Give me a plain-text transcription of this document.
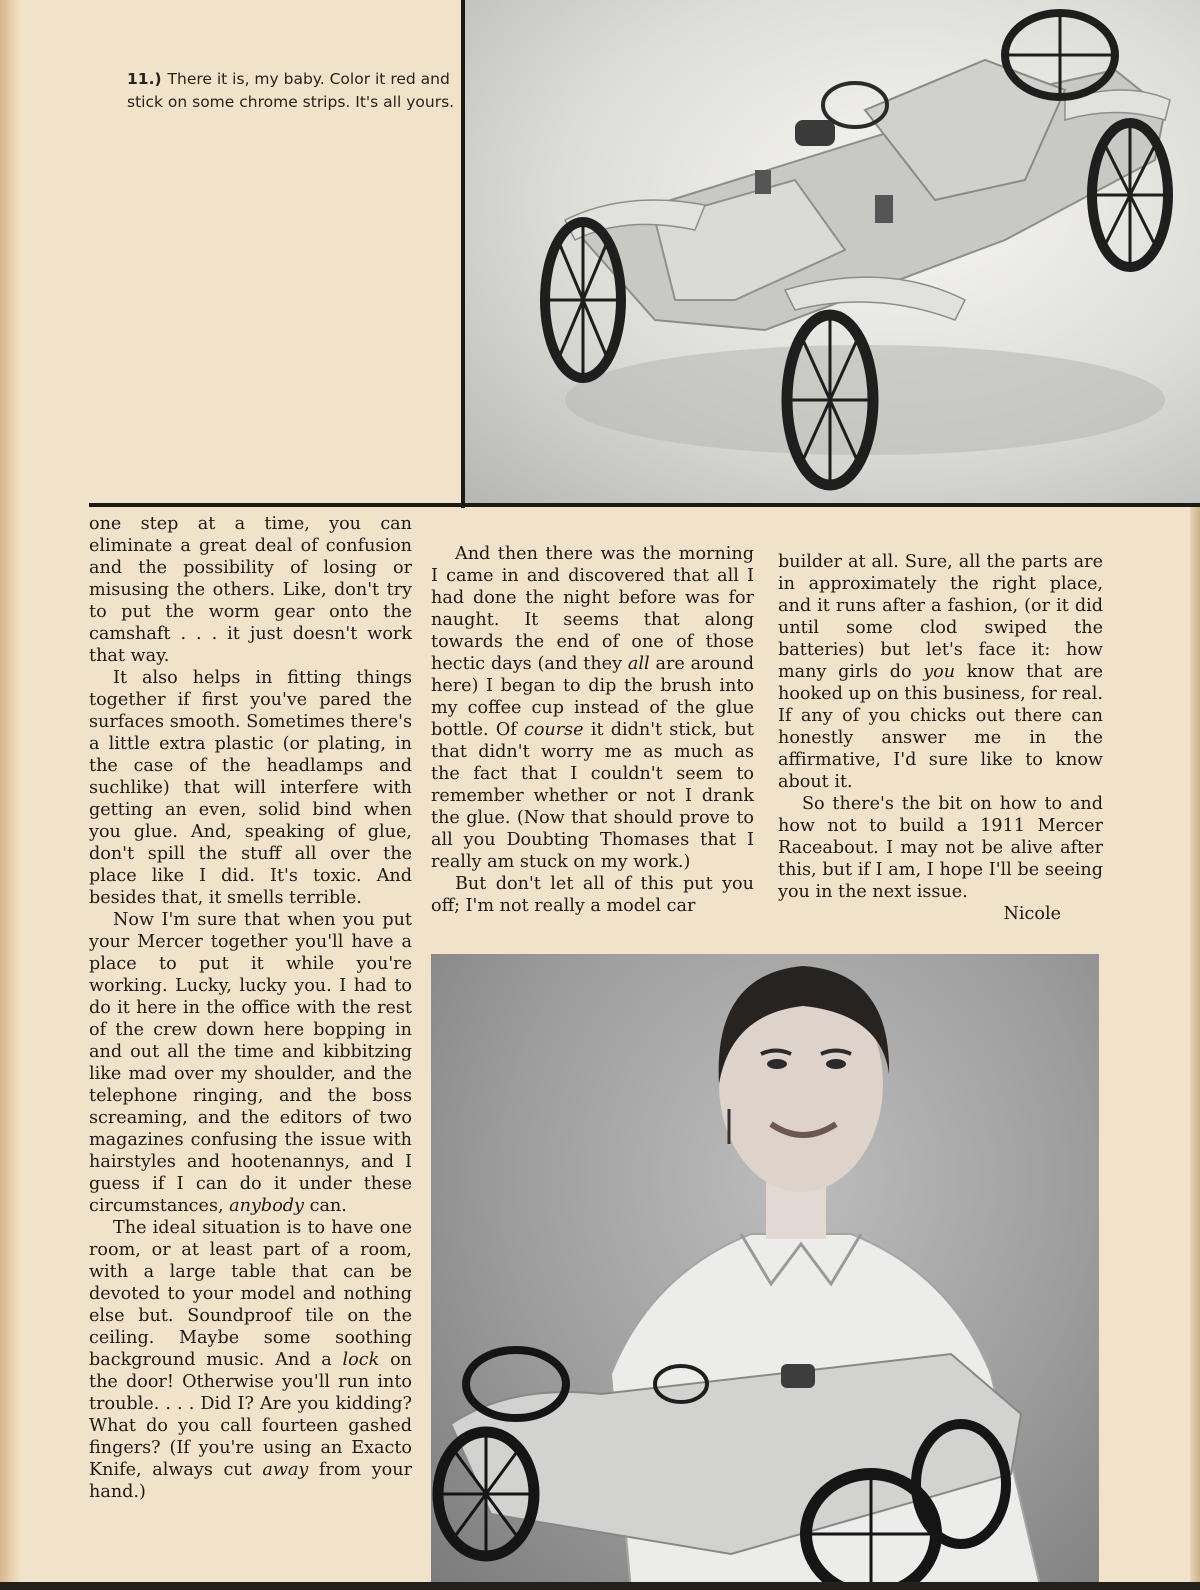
11.) There it is, my baby. Color it red and stick on some chrome strips. It's all yours.

one step at a time, you can eliminate a great deal of confusion and the possibility of losing or misusing the others. Like, don't try to put the worm gear onto the camshaft . . . it just doesn't work that way.

It also helps in fitting things together if first you've pared the surfaces smooth. Sometimes there's a little extra plastic (or plating, in the case of the headlamps and suchlike) that will interfere with getting an even, solid bind when you glue. And, speaking of glue, don't spill the stuff all over the place like I did. It's toxic. And besides that, it smells terrible.

Now I'm sure that when you put your Mercer together you'll have a place to put it while you're working. Lucky, lucky you. I had to do it here in the office with the rest of the crew down here bopping in and out all the time and kibbitzing like mad over my shoulder, and the telephone ringing, and the boss screaming, and the editors of two magazines confusing the issue with hairstyles and hootenannys, and I guess if I can do it under these circumstances, anybody can.

The ideal situation is to have one room, or at least part of a room, with a large table that can be devoted to your model and nothing else but. Soundproof tile on the ceiling. Maybe some soothing background music. And a lock on the door! Otherwise you'll run into trouble. . . . Did I? Are you kidding? What do you call fourteen gashed fingers? (If you're using an Exacto Knife, always cut away from your hand.)

And then there was the morning I came in and discovered that all I had done the night before was for naught. It seems that along towards the end of one of those hectic days (and they all are around here) I began to dip the brush into my coffee cup instead of the glue bottle. Of course it didn't stick, but that didn't worry me as much as the fact that I couldn't seem to remember whether or not I drank the glue. (Now that should prove to all you Doubting Thomases that I really am stuck on my work.)

But don't let all of this put you off; I'm not really a model car

builder at all. Sure, all the parts are in approximately the right place, and it runs after a fashion, (or it did until some clod swiped the batteries) but let's face it: how many girls do you know that are hooked up on this business, for real. If any of you chicks out there can honestly answer me in the affirmative, I'd sure like to know about it.

So there's the bit on how to and how not to build a 1911 Mercer Raceabout. I may not be alive after this, but if I am, I hope I'll be seeing you in the next issue.

Nicole
